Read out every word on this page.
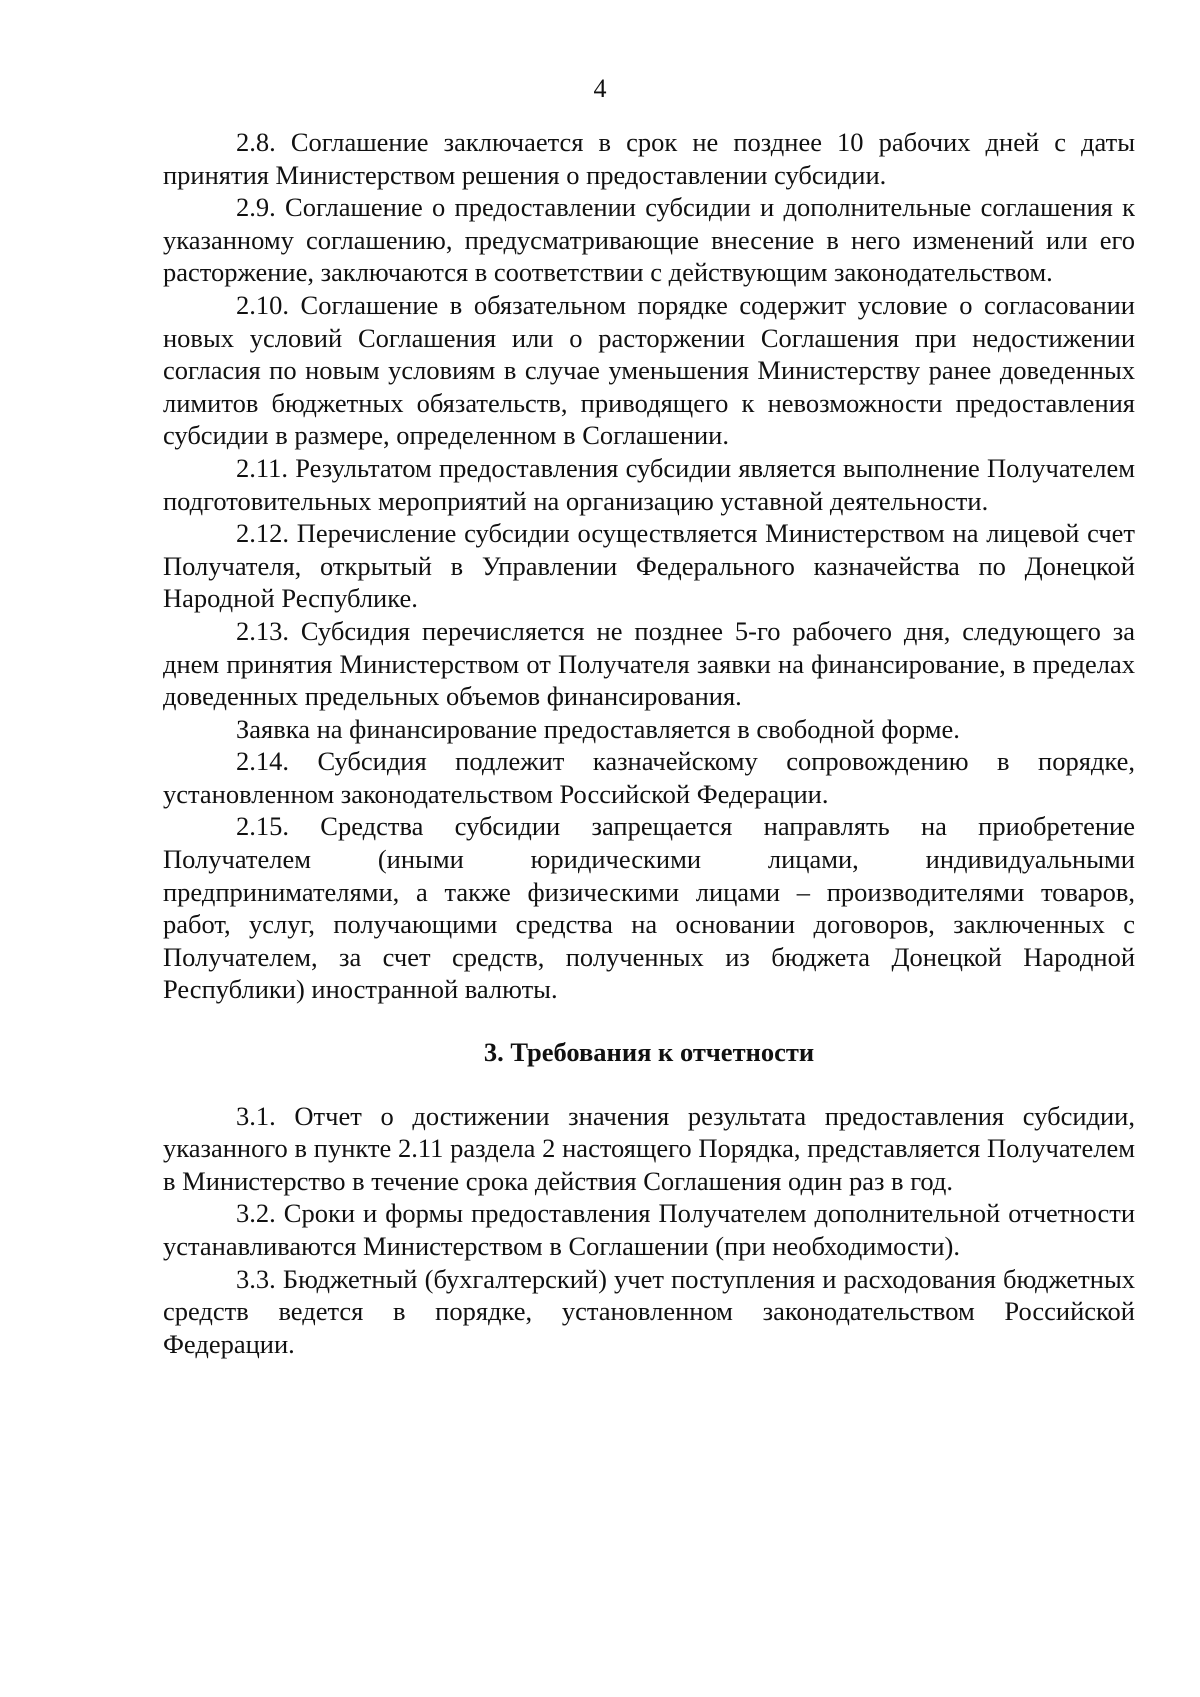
4

2.8. Соглашение заключается в срок не позднее 10 рабочих дней с даты принятия Министерством решения о предоставлении субсидии.

2.9. Соглашение о предоставлении субсидии и дополнительные соглашения к указанному соглашению, предусматривающие внесение в него изменений или его расторжение, заключаются в соответствии с действующим законодательством.

2.10. Соглашение в обязательном порядке содержит условие о согласовании новых условий Соглашения или о расторжении Соглашения при недостижении согласия по новым условиям в случае уменьшения Министерству ранее доведенных лимитов бюджетных обязательств, приводящего к невозможности предоставления субсидии в размере, определенном в Соглашении.

2.11. Результатом предоставления субсидии является выполнение Получателем подготовительных мероприятий на организацию уставной деятельности.

2.12. Перечисление субсидии осуществляется Министерством на лицевой счет Получателя, открытый в Управлении Федерального казначейства по Донецкой Народной Республике.

2.13. Субсидия перечисляется не позднее 5-го рабочего дня, следующего за днем принятия Министерством от Получателя заявки на финансирование, в пределах доведенных предельных объемов финансирования.

Заявка на финансирование предоставляется в свободной форме.

2.14. Субсидия подлежит казначейскому сопровождению в порядке, установленном законодательством Российской Федерации.

2.15. Средства субсидии запрещается направлять на приобретение Получателем (иными юридическими лицами, индивидуальными предпринимателями, а также физическими лицами – производителями товаров, работ, услуг, получающими средства на основании договоров, заключенных с Получателем, за счет средств, полученных из бюджета Донецкой Народной Республики) иностранной валюты.

3. Требования к отчетности

3.1. Отчет о достижении значения результата предоставления субсидии, указанного в пункте 2.11 раздела 2 настоящего Порядка, представляется Получателем в Министерство в течение срока действия Соглашения один раз в год.

3.2. Сроки и формы предоставления Получателем дополнительной отчетности устанавливаются Министерством в Соглашении (при необходимости).

3.3. Бюджетный (бухгалтерский) учет поступления и расходования бюджетных средств ведется в порядке, установленном законодательством Российской Федерации.
